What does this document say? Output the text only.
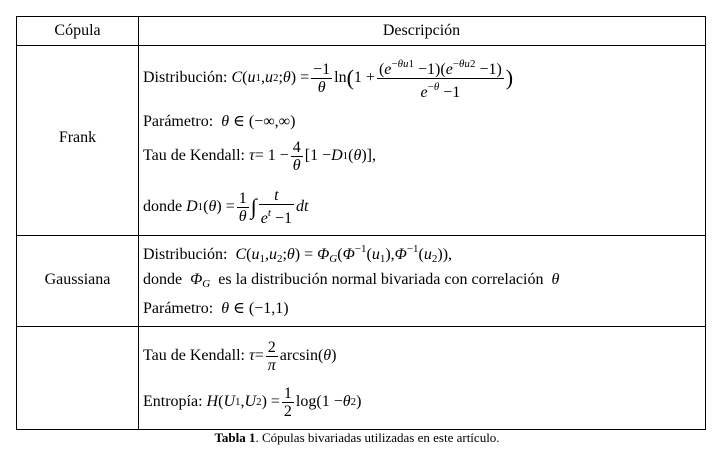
Cópula	Descripción
Frank
Distribución:
C ( u 1 , u 2 ; θ ) = $\frac{-1}{\theta}$ ln ( $1 + \frac{(e^{-\theta u1} -1)(e^{-\theta u2} -1)}{e^{-\theta} -1}$ )
Parámetro: θ ∈ (−∞,∞)
Tau de Kendall:
$\tau = 1 - \frac{4}{\theta} [1 - D$ 1 ( θ )],
donde
D 1 ( θ ) = $\frac{1}{\theta}$ ∫ $\frac{t}{e^t -1}$ dt
Gaussiana
Distribución: $C(u_1,u_2;\theta) = \Phi_G(\Phi^{-1}(u_1),\Phi^{-1}(u_2))$,
donde $\Phi_G$ es la distribución normal bivariada con correlación θ
Parámetro: θ ∈ (−1,1)
Tau de Kendall:
$\tau = \frac{2}{\pi} \arcsin$( θ )
Entropía:
H ( U 1 , U 2 ) = $\frac{1}{2} \log(1 - \theta$ 2 )
Tabla 1. Cópulas bivariadas utilizadas en este artículo.
